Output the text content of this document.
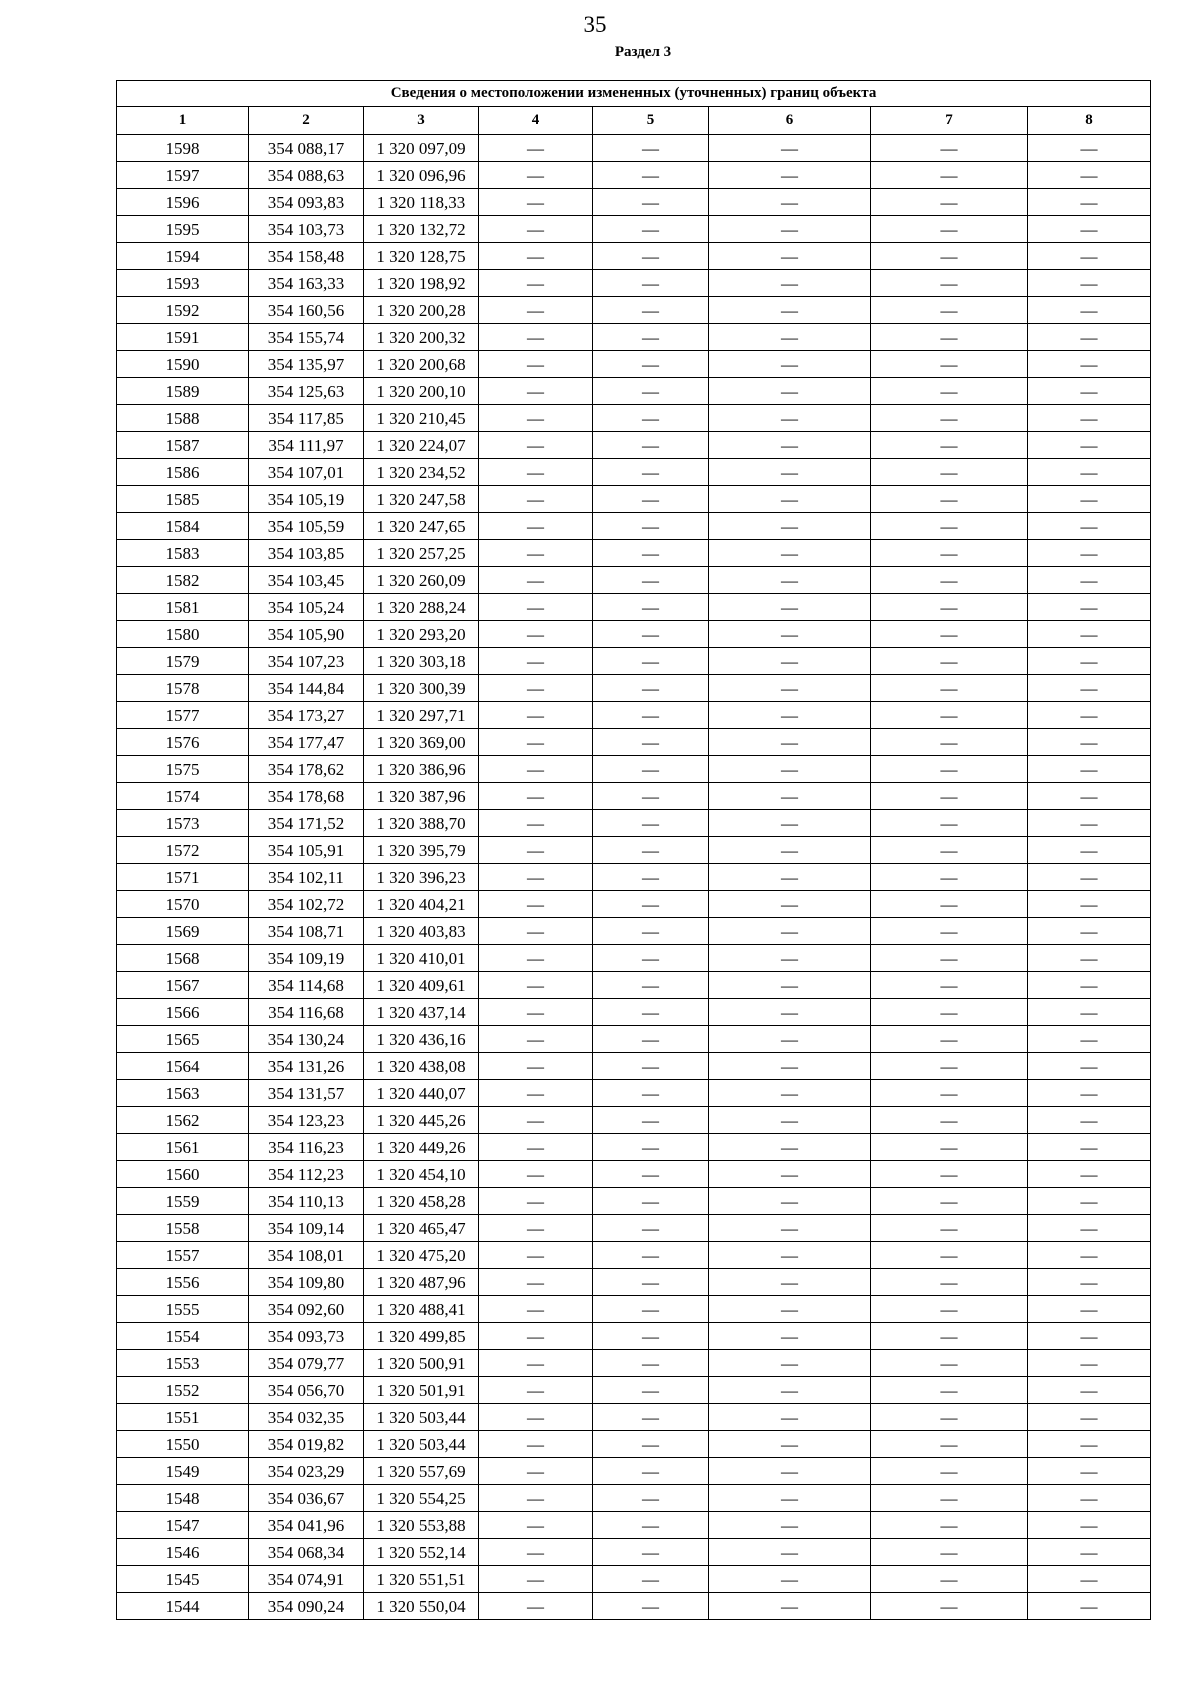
35
Раздел 3
Сведения о местоположении измененных (уточненных) границ объекта							
1	2	3	4	5	6	7	8
1598	354 088,17	1 320 097,09	—	—	—	—	—
1597	354 088,63	1 320 096,96	—	—	—	—	—
1596	354 093,83	1 320 118,33	—	—	—	—	—
1595	354 103,73	1 320 132,72	—	—	—	—	—
1594	354 158,48	1 320 128,75	—	—	—	—	—
1593	354 163,33	1 320 198,92	—	—	—	—	—
1592	354 160,56	1 320 200,28	—	—	—	—	—
1591	354 155,74	1 320 200,32	—	—	—	—	—
1590	354 135,97	1 320 200,68	—	—	—	—	—
1589	354 125,63	1 320 200,10	—	—	—	—	—
1588	354 117,85	1 320 210,45	—	—	—	—	—
1587	354 111,97	1 320 224,07	—	—	—	—	—
1586	354 107,01	1 320 234,52	—	—	—	—	—
1585	354 105,19	1 320 247,58	—	—	—	—	—
1584	354 105,59	1 320 247,65	—	—	—	—	—
1583	354 103,85	1 320 257,25	—	—	—	—	—
1582	354 103,45	1 320 260,09	—	—	—	—	—
1581	354 105,24	1 320 288,24	—	—	—	—	—
1580	354 105,90	1 320 293,20	—	—	—	—	—
1579	354 107,23	1 320 303,18	—	—	—	—	—
1578	354 144,84	1 320 300,39	—	—	—	—	—
1577	354 173,27	1 320 297,71	—	—	—	—	—
1576	354 177,47	1 320 369,00	—	—	—	—	—
1575	354 178,62	1 320 386,96	—	—	—	—	—
1574	354 178,68	1 320 387,96	—	—	—	—	—
1573	354 171,52	1 320 388,70	—	—	—	—	—
1572	354 105,91	1 320 395,79	—	—	—	—	—
1571	354 102,11	1 320 396,23	—	—	—	—	—
1570	354 102,72	1 320 404,21	—	—	—	—	—
1569	354 108,71	1 320 403,83	—	—	—	—	—
1568	354 109,19	1 320 410,01	—	—	—	—	—
1567	354 114,68	1 320 409,61	—	—	—	—	—
1566	354 116,68	1 320 437,14	—	—	—	—	—
1565	354 130,24	1 320 436,16	—	—	—	—	—
1564	354 131,26	1 320 438,08	—	—	—	—	—
1563	354 131,57	1 320 440,07	—	—	—	—	—
1562	354 123,23	1 320 445,26	—	—	—	—	—
1561	354 116,23	1 320 449,26	—	—	—	—	—
1560	354 112,23	1 320 454,10	—	—	—	—	—
1559	354 110,13	1 320 458,28	—	—	—	—	—
1558	354 109,14	1 320 465,47	—	—	—	—	—
1557	354 108,01	1 320 475,20	—	—	—	—	—
1556	354 109,80	1 320 487,96	—	—	—	—	—
1555	354 092,60	1 320 488,41	—	—	—	—	—
1554	354 093,73	1 320 499,85	—	—	—	—	—
1553	354 079,77	1 320 500,91	—	—	—	—	—
1552	354 056,70	1 320 501,91	—	—	—	—	—
1551	354 032,35	1 320 503,44	—	—	—	—	—
1550	354 019,82	1 320 503,44	—	—	—	—	—
1549	354 023,29	1 320 557,69	—	—	—	—	—
1548	354 036,67	1 320 554,25	—	—	—	—	—
1547	354 041,96	1 320 553,88	—	—	—	—	—
1546	354 068,34	1 320 552,14	—	—	—	—	—
1545	354 074,91	1 320 551,51	—	—	—	—	—
1544	354 090,24	1 320 550,04	—	—	—	—	—
